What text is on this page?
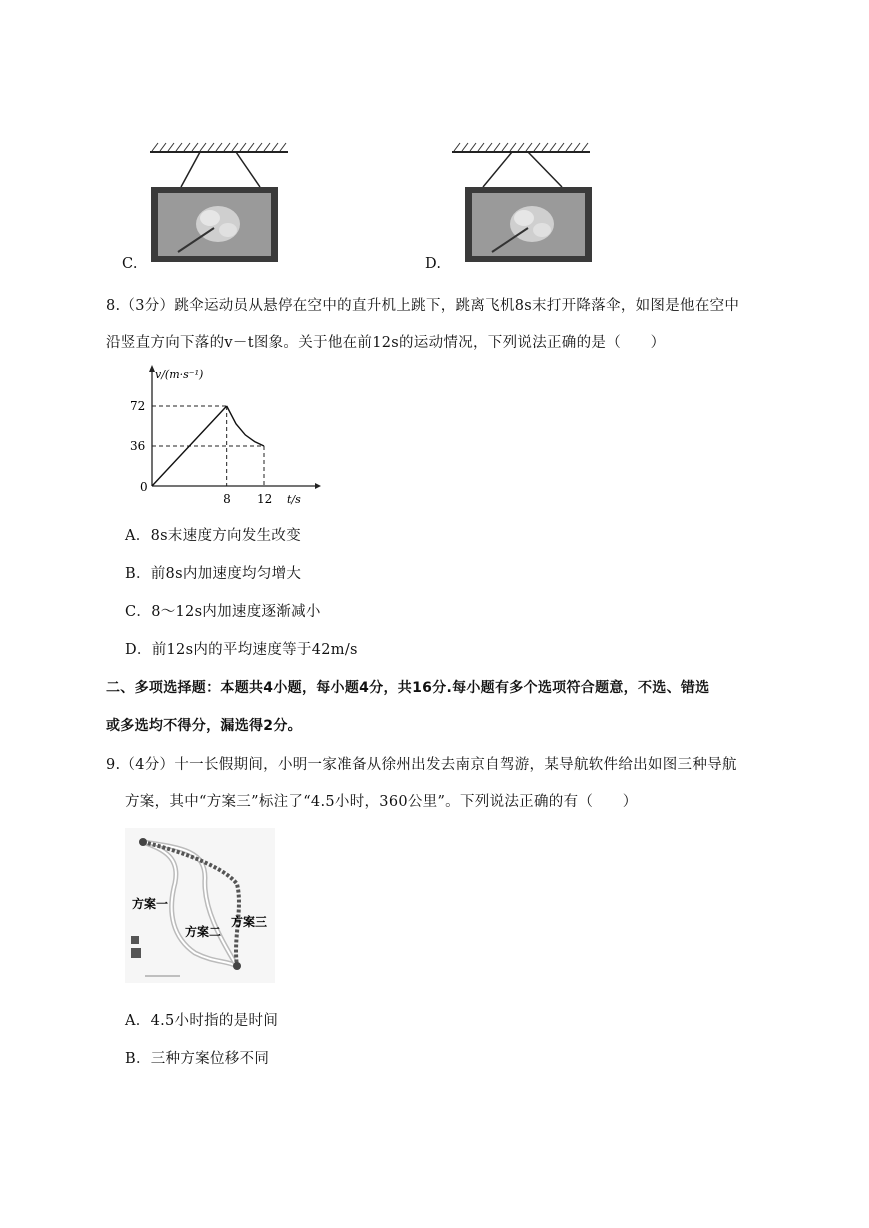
C.	D.
8.（3分）跳伞运动员从悬停在空中的直升机上跳下，跳离飞机8s末打开降落伞，如图是他在空中
沿竖直方向下落的v－t图象。关于他在前12s的运动情况，下列说法正确的是（　　）
v/(m·s⁻¹)
t/s
0
72
36
8 12
A．8s末速度方向发生改变
B．前8s内加速度均匀增大
C．8～12s内加速度逐渐减小
D．前12s内的平均速度等于42m/s
二、多项选择题：本题共4小题，每小题4分，共16分.每小题有多个选项符合题意，不选、错选
或多选均不得分，漏选得2分。
9.（4分）十一长假期间，小明一家准备从徐州出发去南京自驾游，某导航软件给出如图三种导航
方案，其中“方案三”标注了“4.5小时，360公里”。下列说法正确的有（　　）
方案一
方案二
方案三
A．4.5小时指的是时间
B．三种方案位移不同
